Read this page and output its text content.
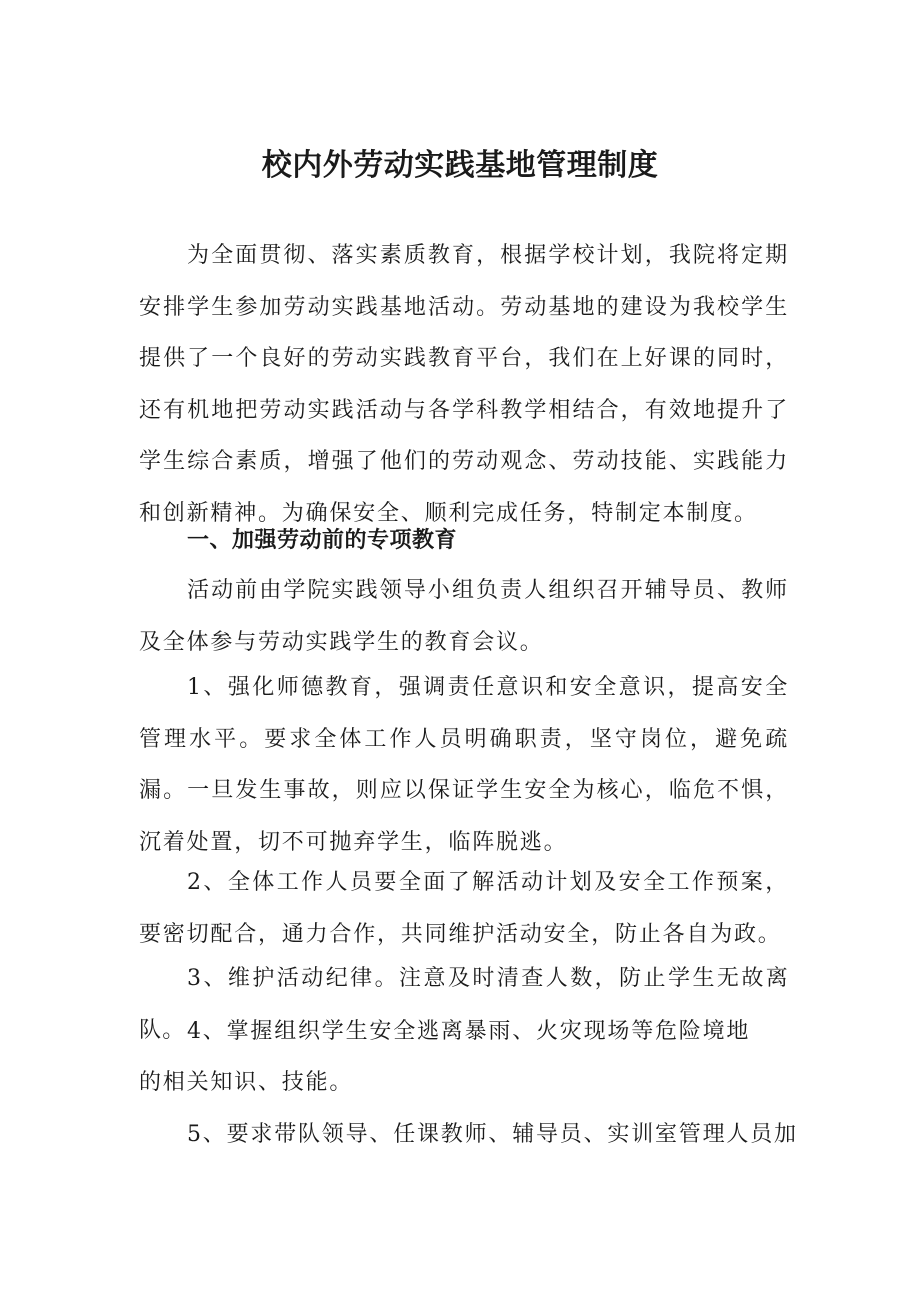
校内外劳动实践基地管理制度

为全面贯彻、落实素质教育，根据学校计划，我院将定期安排学生参加劳动实践基地活动。劳动基地的建设为我校学生提供了一个良好的劳动实践教育平台，我们在上好课的同时，还有机地把劳动实践活动与各学科教学相结合，有效地提升了学生综合素质，增强了他们的劳动观念、劳动技能、实践能力和创新精神。为确保安全、顺利完成任务，特制定本制度。

一、加强劳动前的专项教育

活动前由学院实践领导小组负责人组织召开辅导员、教师及全体参与劳动实践学生的教育会议。

1、强化师德教育，强调责任意识和安全意识，提高安全管理水平。要求全体工作人员明确职责，坚守岗位，避免疏漏。一旦发生事故，则应以保证学生安全为核心，临危不惧，沉着处置，切不可抛弃学生，临阵脱逃。

2、全体工作人员要全面了解活动计划及安全工作预案，要密切配合，通力合作，共同维护活动安全，防止各自为政。

3、维护活动纪律。注意及时清查人数，防止学生无故离队。 4、掌握组织学生安全逃离暴雨、火灾现场等危险境地

的相关知识、技能。

5、要求带队领导、任课教师、辅导员、实训室管理人员加
